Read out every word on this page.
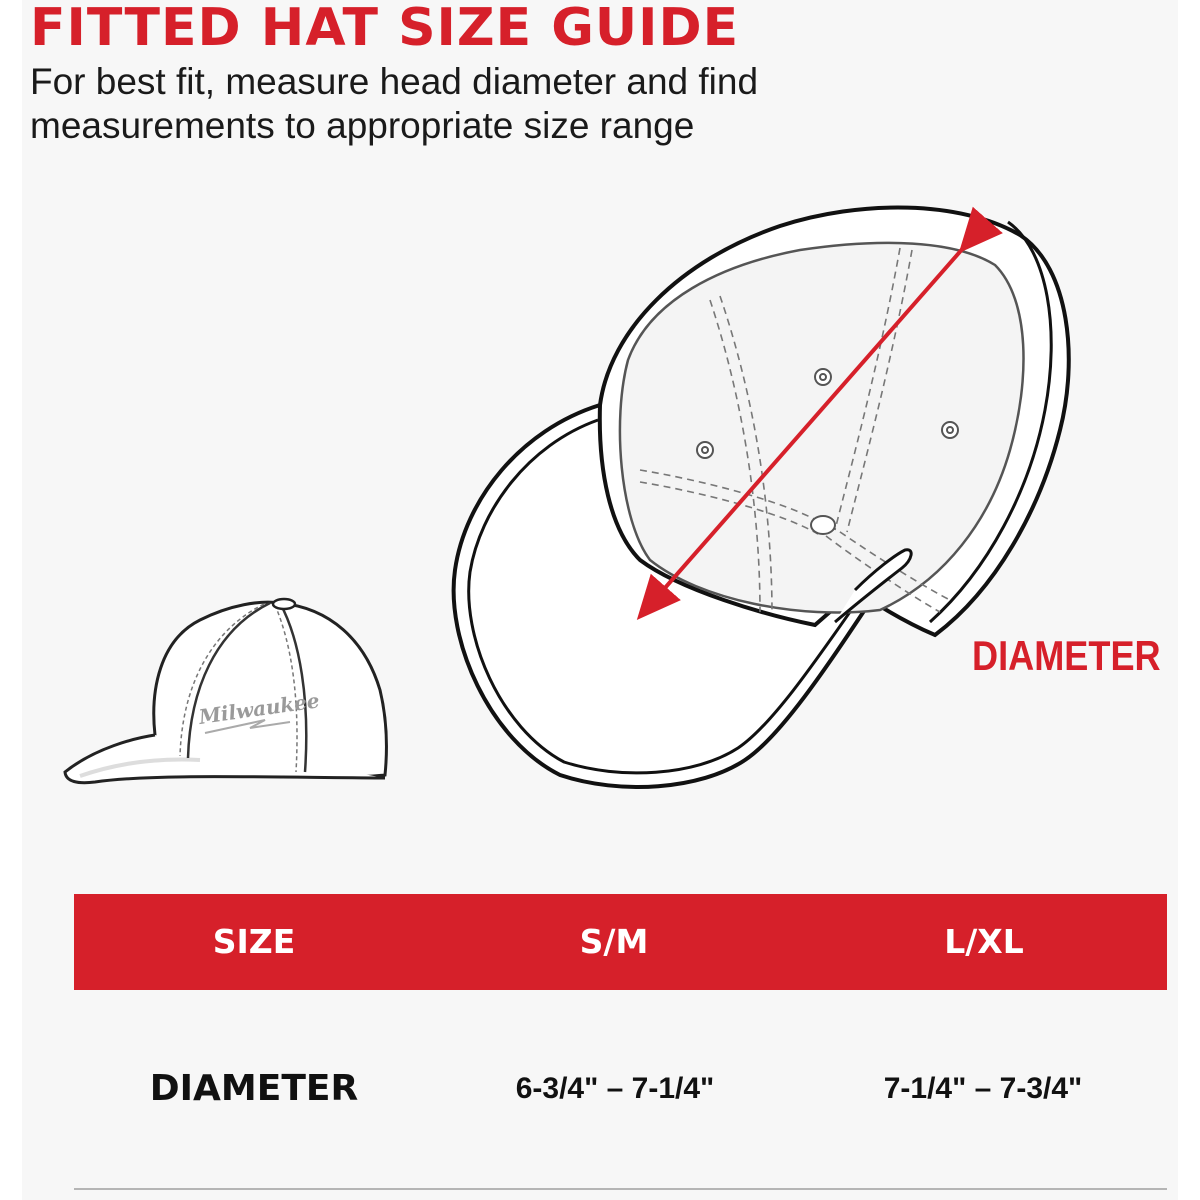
FITTED HAT SIZE GUIDE
For best fit, measure head diameter and find measurements to appropriate size range
Milwaukee
DIAMETER
SIZE	S/M	L/XL
DIAMETER	6-3/4" – 7-1/4"	7-1/4" – 7-3/4"
